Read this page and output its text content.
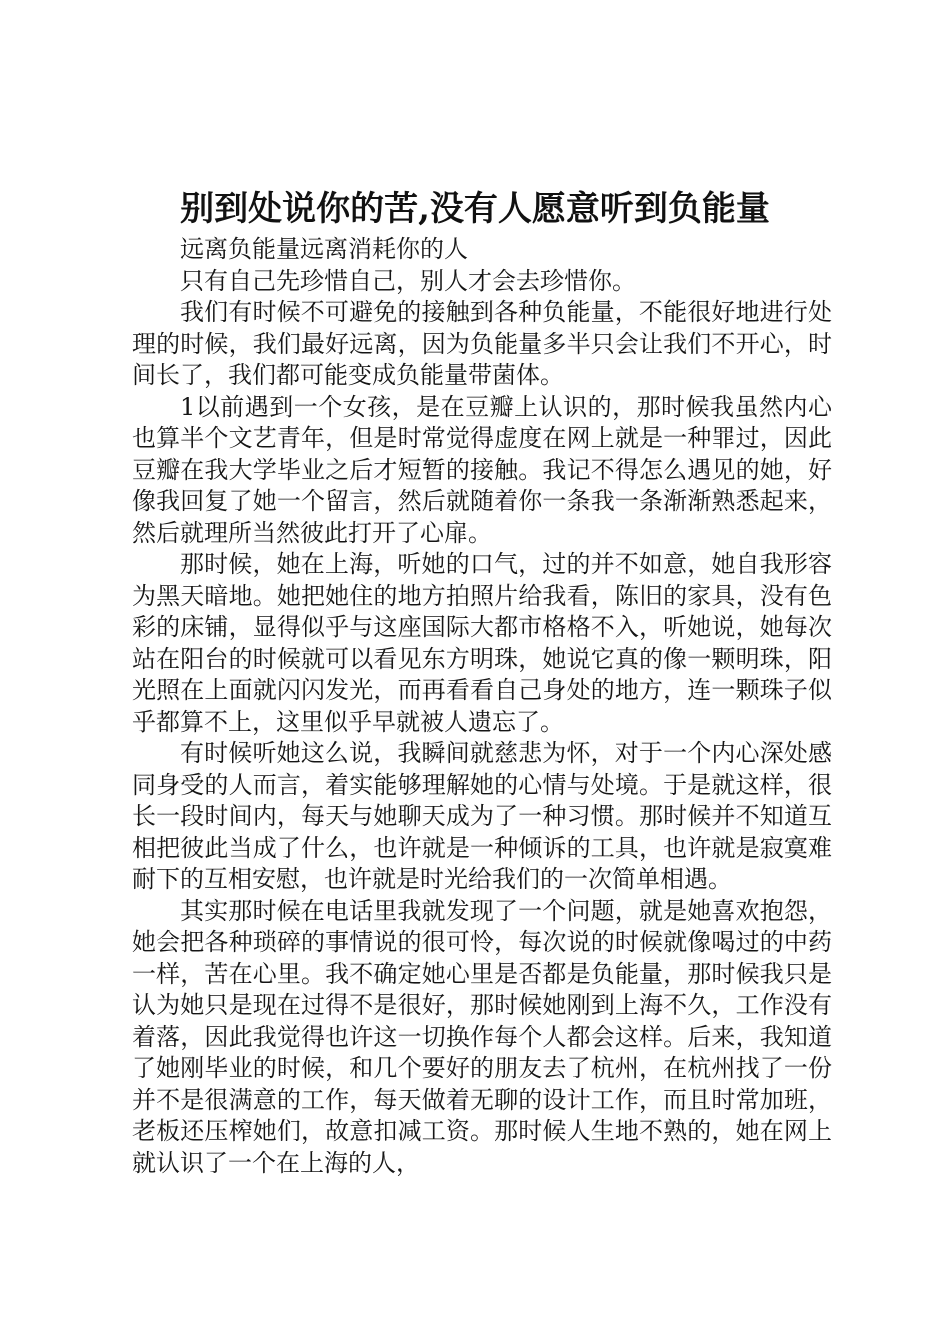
别到处说你的苦,没有人愿意听到负能量

远离负能量远离消耗你的人

只有自己先珍惜自己，别人才会去珍惜你。

我们有时候不可避免的接触到各种负能量，不能很好地进行处理的时候，我们最好远离，因为负能量多半只会让我们不开心，时间长了，我们都可能变成负能量带菌体。

1以前遇到一个女孩，是在豆瓣上认识的，那时候我虽然内心也算半个文艺青年，但是时常觉得虚度在网上就是一种罪过，因此豆瓣在我大学毕业之后才短暂的接触。我记不得怎么遇见的她，好像我回复了她一个留言，然后就随着你一条我一条渐渐熟悉起来，然后就理所当然彼此打开了心扉。

那时候，她在上海，听她的口气，过的并不如意，她自我形容为黑天暗地。她把她住的地方拍照片给我看，陈旧的家具，没有色彩的床铺，显得似乎与这座国际大都市格格不入，听她说，她每次站在阳台的时候就可以看见东方明珠，她说它真的像一颗明珠，阳光照在上面就闪闪发光，而再看看自己身处的地方，连一颗珠子似乎都算不上，这里似乎早就被人遗忘了。

有时候听她这么说，我瞬间就慈悲为怀，对于一个内心深处感同身受的人而言，着实能够理解她的心情与处境。于是就这样，很长一段时间内，每天与她聊天成为了一种习惯。那时候并不知道互相把彼此当成了什么，也许就是一种倾诉的工具，也许就是寂寞难耐下的互相安慰，也许就是时光给我们的一次简单相遇。

其实那时候在电话里我就发现了一个问题，就是她喜欢抱怨，她会把各种琐碎的事情说的很可怜，每次说的时候就像喝过的中药一样，苦在心里。我不确定她心里是否都是负能量，那时候我只是认为她只是现在过得不是很好，那时候她刚到上海不久，工作没有着落，因此我觉得也许这一切换作每个人都会这样。后来，我知道了她刚毕业的时候，和几个要好的朋友去了杭州，在杭州找了一份并不是很满意的工作，每天做着无聊的设计工作，而且时常加班，老板还压榨她们，故意扣减工资。那时候人生地不熟的，她在网上就认识了一个在上海的人，
